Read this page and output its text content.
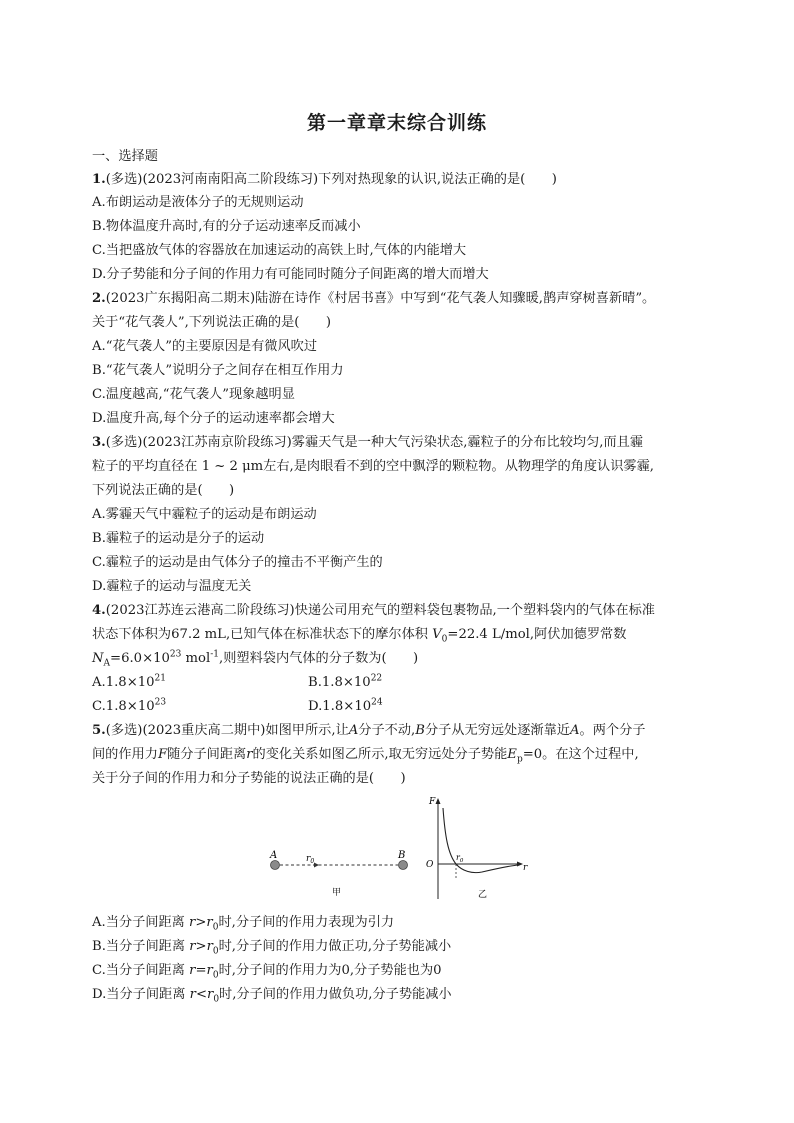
第一章章末综合训练
一、选择题
1.(多选)(2023河南南阳高二阶段练习)下列对热现象的认识,说法正确的是(　　)
A.布朗运动是液体分子的无规则运动
B.物体温度升高时,有的分子运动速率反而减小
C.当把盛放气体的容器放在加速运动的高铁上时,气体的内能增大
D.分子势能和分子间的作用力有可能同时随分子间距离的增大而增大
2.(2023广东揭阳高二期末)陆游在诗作《村居书喜》中写到“花气袭人知骤暖,鹊声穿树喜新晴”。
关于“花气袭人”,下列说法正确的是(　　)
A.“花气袭人”的主要原因是有微风吹过
B.“花气袭人”说明分子之间存在相互作用力
C.温度越高,“花气袭人”现象越明显
D.温度升高,每个分子的运动速率都会增大
3.(多选)(2023江苏南京阶段练习)雾霾天气是一种大气污染状态,霾粒子的分布比较均匀,而且霾
粒子的平均直径在 1 ~ 2 μm左右,是肉眼看不到的空中飘浮的颗粒物。从物理学的角度认识雾霾,
下列说法正确的是(　　)
A.雾霾天气中霾粒子的运动是布朗运动
B.霾粒子的运动是分子的运动
C.霾粒子的运动是由气体分子的撞击不平衡产生的
D.霾粒子的运动与温度无关
4.(2023江苏连云港高二阶段练习)快递公司用充气的塑料袋包裹物品,一个塑料袋内的气体在标准
状态下体积为67.2 mL,已知气体在标准状态下的摩尔体积 $V_0=22.4$ L/mol,阿伏加德罗常数
$N_A=6.0\times 10^{23}$ mol$^{-1}$,则塑料袋内气体的分子数为(　　)
$A.1.8\times 10^{21}$	$B.1.8\times 10^{22}$
$C.1.8\times 10^{23}$	$D.1.8\times 10^{24}$
5.(多选)(2023重庆高二期中)如图甲所示,让A分子不动,B分子从无穷远处逐渐靠近A。两个分子
间的作用力F随分子间距离r的变化关系如图乙所示,取无穷远处分子势能$E_p=0$。在这个过程中,
关于分子间的作用力和分子势能的说法正确的是(　　)
A	B
$r_0$
甲
F
r
O
$r_0$
乙
A.当分子间距离 $r>r_0$时,分子间的作用力表现为引力
B.当分子间距离 $r>r_0$时,分子间的作用力做正功,分子势能减小
C.当分子间距离 $r=r_0$时,分子间的作用力为0,分子势能也为0
D.当分子间距离 $r<r_0$时,分子间的作用力做负功,分子势能减小
